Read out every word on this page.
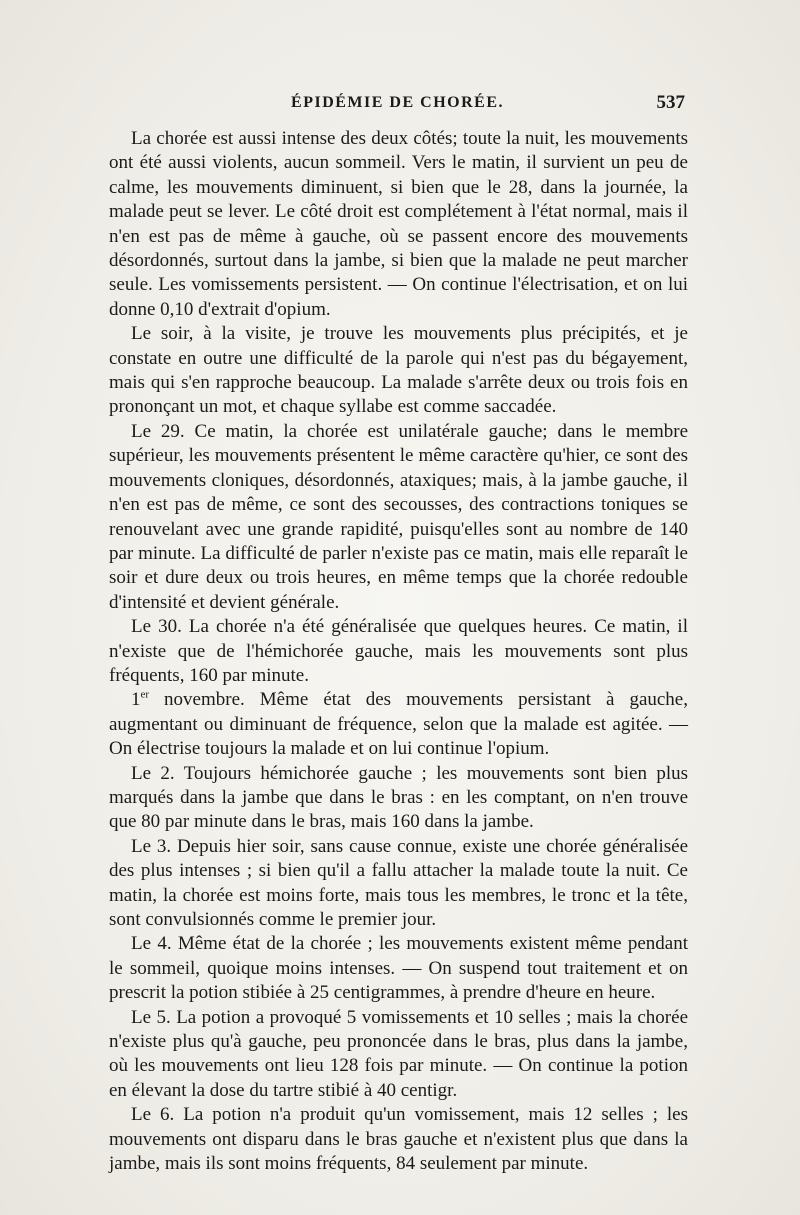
ÉPIDÉMIE DE CHORÉE.	537

La chorée est aussi intense des deux côtés; toute la nuit, les mouvements ont été aussi violents, aucun sommeil. Vers le matin, il survient un peu de calme, les mouvements diminuent, si bien que le 28, dans la journée, la malade peut se lever. Le côté droit est complétement à l'état normal, mais il n'en est pas de même à gauche, où se passent encore des mouvements désordonnés, surtout dans la jambe, si bien que la malade ne peut marcher seule. Les vomissements persistent. — On continue l'électrisation, et on lui donne 0,10 d'extrait d'opium.

Le soir, à la visite, je trouve les mouvements plus précipités, et je constate en outre une difficulté de la parole qui n'est pas du bégayement, mais qui s'en rapproche beaucoup. La malade s'arrête deux ou trois fois en prononçant un mot, et chaque syllabe est comme saccadée.

Le 29. Ce matin, la chorée est unilatérale gauche; dans le membre supérieur, les mouvements présentent le même caractère qu'hier, ce sont des mouvements cloniques, désordonnés, ataxiques; mais, à la jambe gauche, il n'en est pas de même, ce sont des secousses, des contractions toniques se renouvelant avec une grande rapidité, puisqu'elles sont au nombre de 140 par minute. La difficulté de parler n'existe pas ce matin, mais elle reparaît le soir et dure deux ou trois heures, en même temps que la chorée redouble d'intensité et devient générale.

Le 30. La chorée n'a été généralisée que quelques heures. Ce matin, il n'existe que de l'hémichorée gauche, mais les mouvements sont plus fréquents, 160 par minute.

1er novembre. Même état des mouvements persistant à gauche, augmentant ou diminuant de fréquence, selon que la malade est agitée. — On électrise toujours la malade et on lui continue l'opium.

Le 2. Toujours hémichorée gauche ; les mouvements sont bien plus marqués dans la jambe que dans le bras : en les comptant, on n'en trouve que 80 par minute dans le bras, mais 160 dans la jambe.

Le 3. Depuis hier soir, sans cause connue, existe une chorée généralisée des plus intenses ; si bien qu'il a fallu attacher la malade toute la nuit. Ce matin, la chorée est moins forte, mais tous les membres, le tronc et la tête, sont convulsionnés comme le premier jour.

Le 4. Même état de la chorée ; les mouvements existent même pendant le sommeil, quoique moins intenses. — On suspend tout traitement et on prescrit la potion stibiée à 25 centigrammes, à prendre d'heure en heure.

Le 5. La potion a provoqué 5 vomissements et 10 selles ; mais la chorée n'existe plus qu'à gauche, peu prononcée dans le bras, plus dans la jambe, où les mouvements ont lieu 128 fois par minute. — On continue la potion en élevant la dose du tartre stibié à 40 centigr.

Le 6. La potion n'a produit qu'un vomissement, mais 12 selles ; les mouvements ont disparu dans le bras gauche et n'existent plus que dans la jambe, mais ils sont moins fréquents, 84 seulement par minute.
